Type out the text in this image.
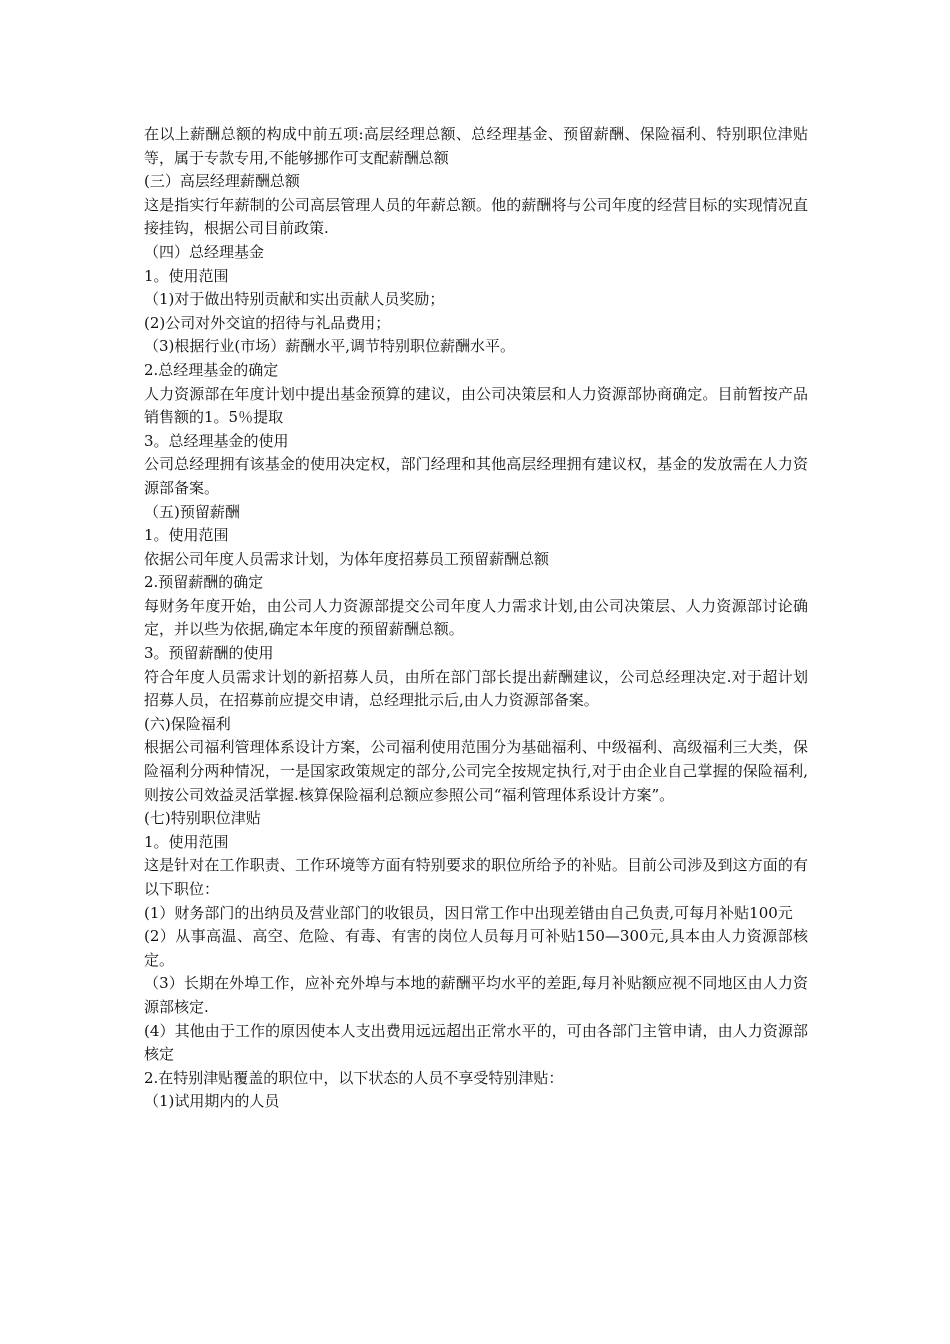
在以上薪酬总额的构成中前五项:高层经理总额、总经理基金、预留薪酬、保险福利、特别职位津贴等，属于专款专用,不能够挪作可支配薪酬总额

(三）高层经理薪酬总额

这是指实行年薪制的公司高层管理人员的年薪总额。他的薪酬将与公司年度的经营目标的实现情况直接挂钩，根据公司目前政策.

（四）总经理基金

1。使用范围

（1)对于做出特别贡献和实出贡献人员奖励；

(2)公司对外交谊的招待与礼品费用；

（3)根据行业(市场）薪酬水平,调节特别职位薪酬水平。

2.总经理基金的确定

人力资源部在年度计划中提出基金预算的建议，由公司决策层和人力资源部协商确定。目前暂按产品销售额的1。5％提取

3。总经理基金的使用

公司总经理拥有该基金的使用决定权，部门经理和其他高层经理拥有建议权，基金的发放需在人力资源部备案。

（五)预留薪酬

1。使用范围

依据公司年度人员需求计划，为体年度招募员工预留薪酬总额

2.预留薪酬的确定

每财务年度开始，由公司人力资源部提交公司年度人力需求计划,由公司决策层、人力资源部讨论确定，并以些为依据,确定本年度的预留薪酬总额。

3。预留薪酬的使用

符合年度人员需求计划的新招募人员，由所在部门部长提出薪酬建议，公司总经理决定.对于超计划招募人员，在招募前应提交申请，总经理批示后,由人力资源部备案。

(六)保险福利

根据公司福利管理体系设计方案，公司福利使用范围分为基础福利、中级福利、高级福利三大类，保险福利分两种情况，一是国家政策规定的部分,公司完全按规定执行,对于由企业自己掌握的保险福利,则按公司效益灵活掌握.核算保险福利总额应参照公司“福利管理体系设计方案”。

(七)特别职位津贴

1。使用范围

这是针对在工作职责、工作环境等方面有特别要求的职位所给予的补贴。目前公司涉及到这方面的有以下职位：

(1）财务部门的出纳员及营业部门的收银员，因日常工作中出现差错由自己负责,可每月补贴100元

(2）从事高温、高空、危险、有毒、有害的岗位人员每月可补贴150—300元,具本由人力资源部核定。

（3）长期在外埠工作，应补充外埠与本地的薪酬平均水平的差距,每月补贴额应视不同地区由人力资源部核定.

(4）其他由于工作的原因使本人支出费用远远超出正常水平的，可由各部门主管申请，由人力资源部核定

2.在特别津贴覆盖的职位中，以下状态的人员不享受特别津贴：

（1)试用期内的人员
